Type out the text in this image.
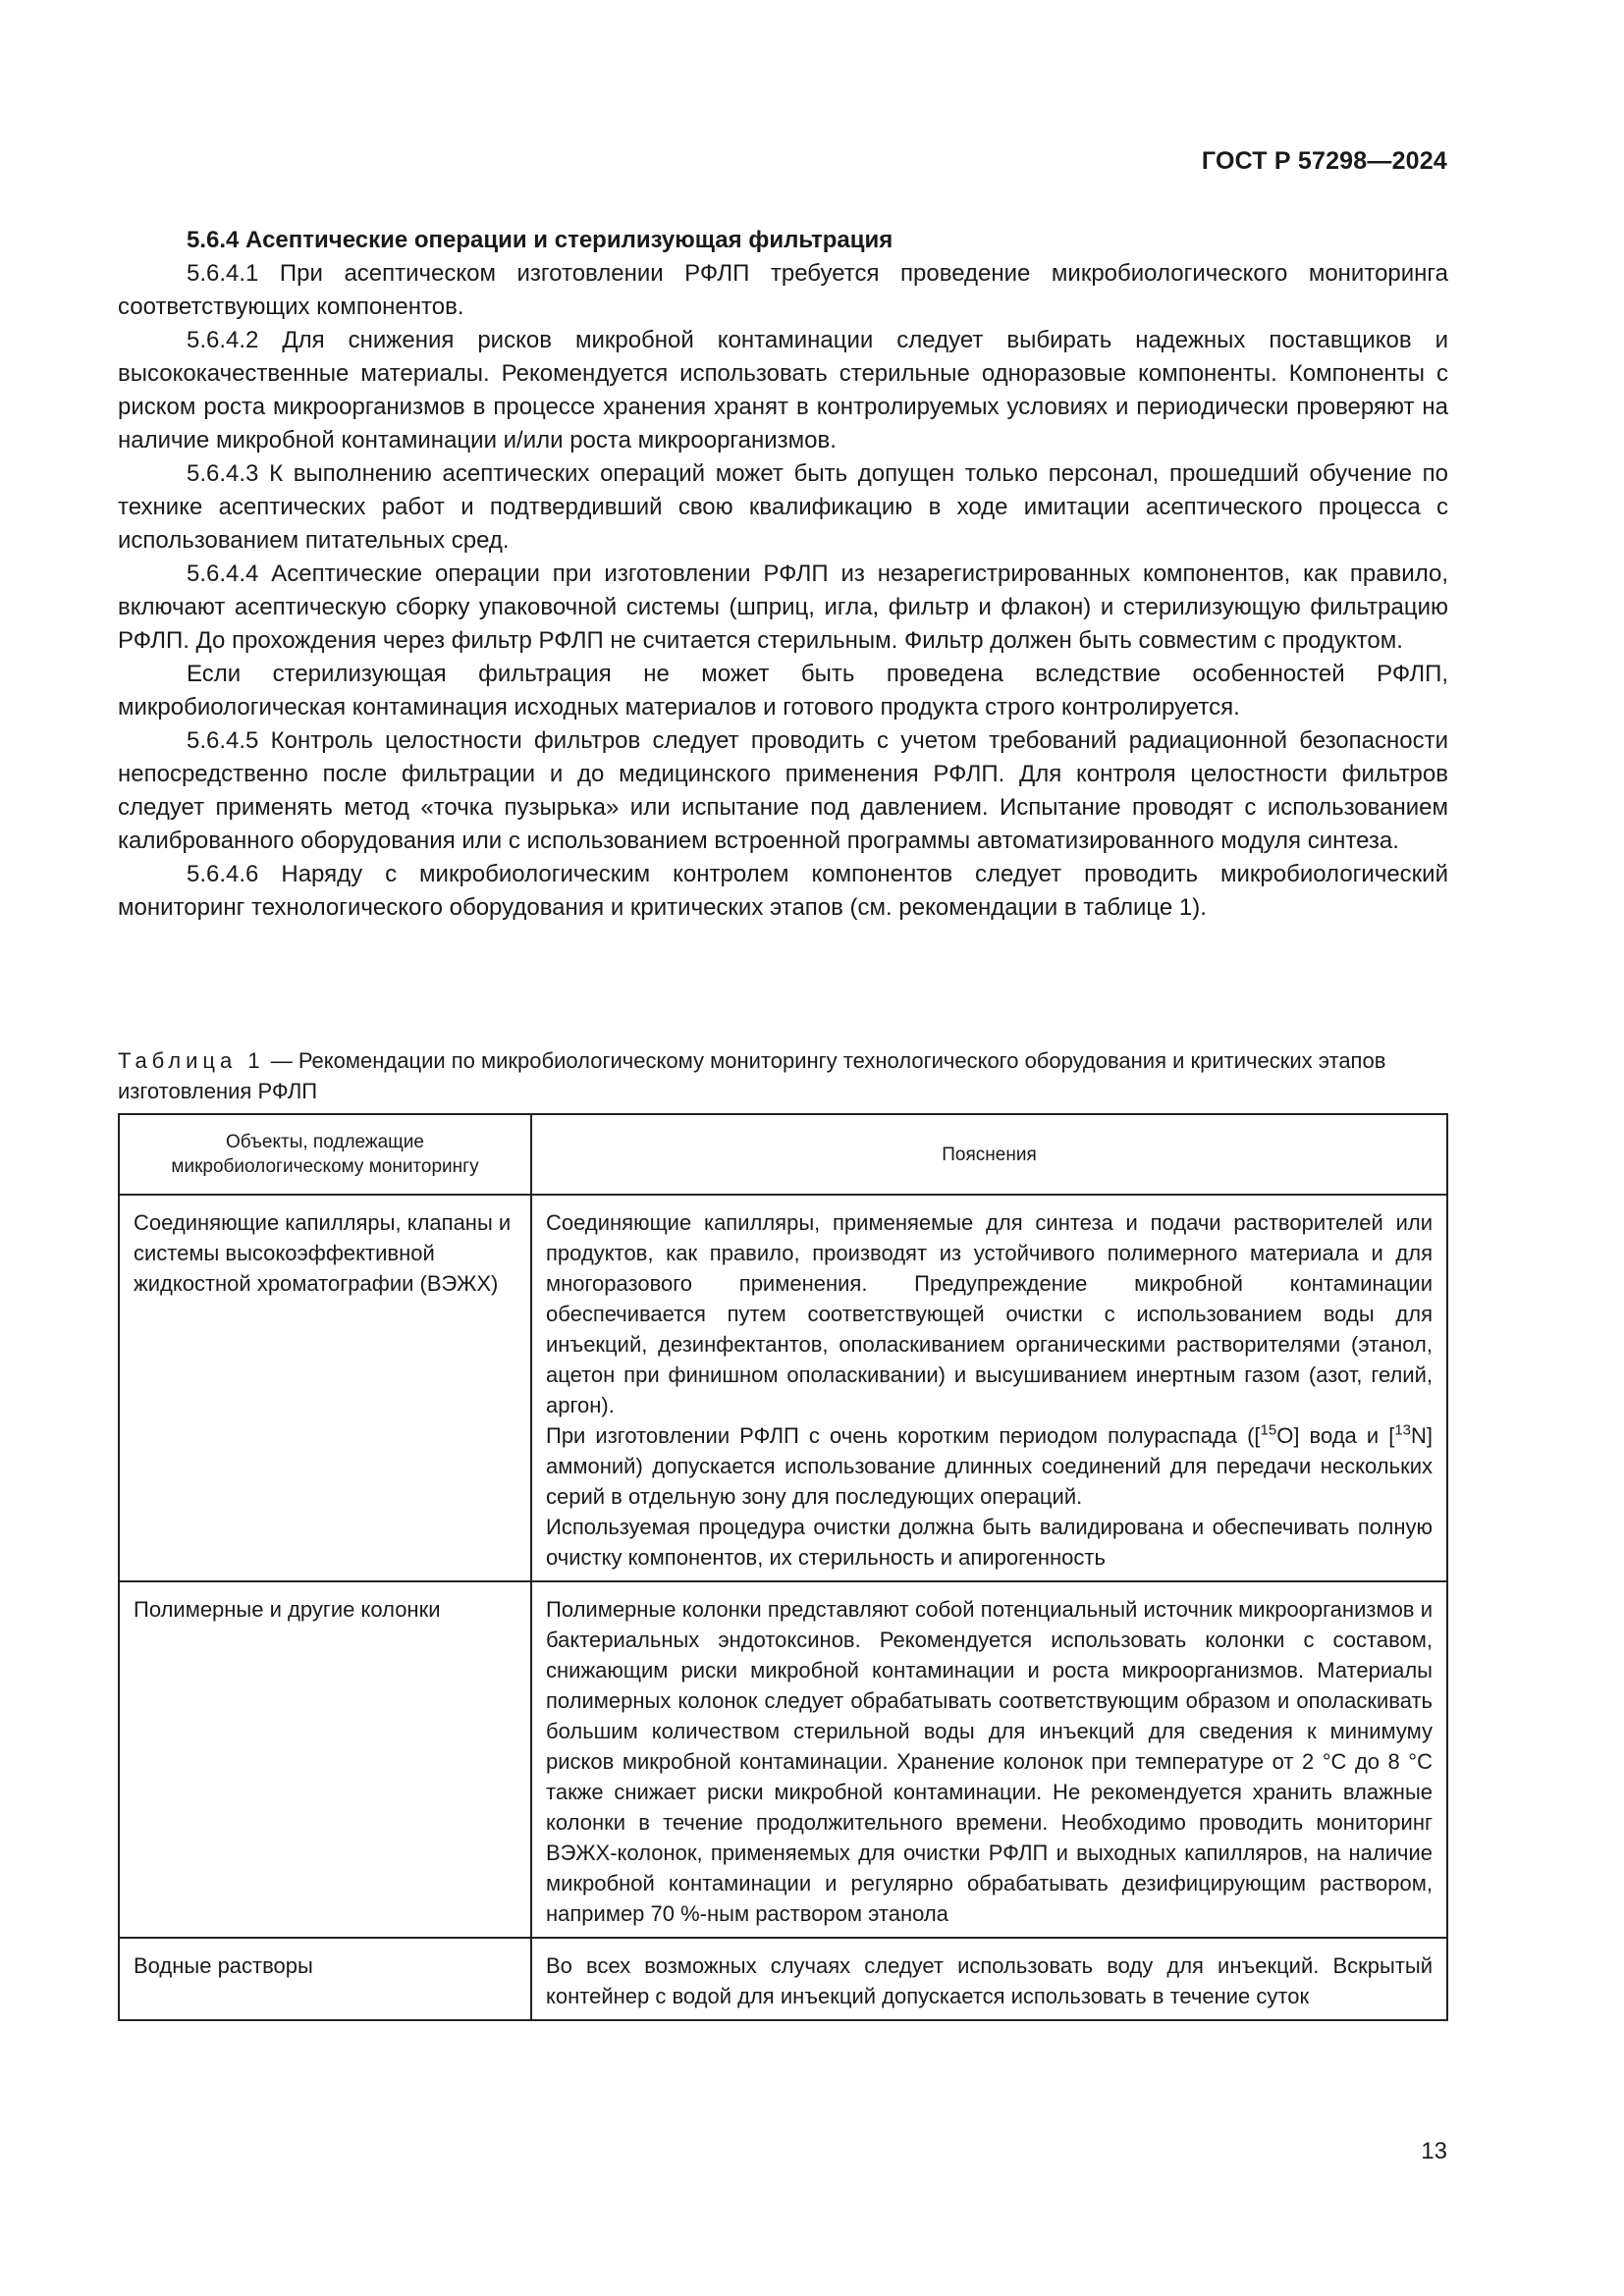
ГОСТ Р 57298—2024
5.6.4 Асептические операции и стерилизующая фильтрация

5.6.4.1 При асептическом изготовлении РФЛП требуется проведение микробиологического мониторинга соответствующих компонентов.

5.6.4.2 Для снижения рисков микробной контаминации следует выбирать надежных поставщиков и высококачественные материалы. Рекомендуется использовать стерильные одноразовые компоненты. Компоненты с риском роста микроорганизмов в процессе хранения хранят в контролируемых условиях и периодически проверяют на наличие микробной контаминации и/или роста микроорганизмов.

5.6.4.3 К выполнению асептических операций может быть допущен только персонал, прошедший обучение по технике асептических работ и подтвердивший свою квалификацию в ходе имитации асептического процесса с использованием питательных сред.

5.6.4.4 Асептические операции при изготовлении РФЛП из незарегистрированных компонентов, как правило, включают асептическую сборку упаковочной системы (шприц, игла, фильтр и флакон) и стерилизующую фильтрацию РФЛП. До прохождения через фильтр РФЛП не считается стерильным. Фильтр должен быть совместим с продуктом.

Если стерилизующая фильтрация не может быть проведена вследствие особенностей РФЛП, микробиологическая контаминация исходных материалов и готового продукта строго контролируется.

5.6.4.5 Контроль целостности фильтров следует проводить с учетом требований радиационной безопасности непосредственно после фильтрации и до медицинского применения РФЛП. Для контроля целостности фильтров следует применять метод «точка пузырька» или испытание под давлением. Испытание проводят с использованием калиброванного оборудования или с использованием встроенной программы автоматизированного модуля синтеза.

5.6.4.6 Наряду с микробиологическим контролем компонентов следует проводить микробиологический мониторинг технологического оборудования и критических этапов (см. рекомендации в таблице 1).

Таблица 1 — Рекомендации по микробиологическому мониторингу технологического оборудования и критических этапов изготовления РФЛП

Объекты, подлежащие микробиологическому мониторингу	Пояснения
Соединяющие капилляры, клапаны и системы высокоэффективной жидкостной хроматографии (ВЭЖХ)	Соединяющие капилляры, применяемые для синтеза и подачи растворителей или продуктов, как правило, производят из устойчивого полимерного материала и для многоразового применения. Предупреждение микробной контаминации обеспечивается путем соответствующей очистки с использованием воды для инъекций, дезинфектантов, ополаскиванием органическими растворителями (этанол, ацетон при финишном ополаскивании) и высушиванием инертным газом (азот, гелий, аргон).

При изготовлении РФЛП с очень коротким периодом полураспада ([$^{15}$O] вода и [$^{13}$N] аммоний) допускается использование длинных соединений для передачи нескольких серий в отдельную зону для последующих операций.

Используемая процедура очистки должна быть валидирована и обеспечивать полную очистку компонентов, их стерильность и апирогенность

Полимерные и другие колонки	Полимерные колонки представляют собой потенциальный источник микроорганизмов и бактериальных эндотоксинов. Рекомендуется использовать колонки с составом, снижающим риски микробной контаминации и роста микроорганизмов. Материалы полимерных колонок следует обрабатывать соответствующим образом и ополаскивать большим количеством стерильной воды для инъекций для сведения к минимуму рисков микробной контаминации. Хранение колонок при температуре от 2 °С до 8 °С также снижает риски микробной контаминации. Не рекомендуется хранить влажные колонки в течение продолжительного времени. Необходимо проводить мониторинг ВЭЖХ-колонок, применяемых для очистки РФЛП и выходных капилляров, на наличие микробной контаминации и регулярно обрабатывать дезифицирующим раствором, например 70 %-ным раствором этанола
Водные растворы	Во всех возможных случаях следует использовать воду для инъекций. Вскрытый контейнер с водой для инъекций допускается использовать в течение суток
13
